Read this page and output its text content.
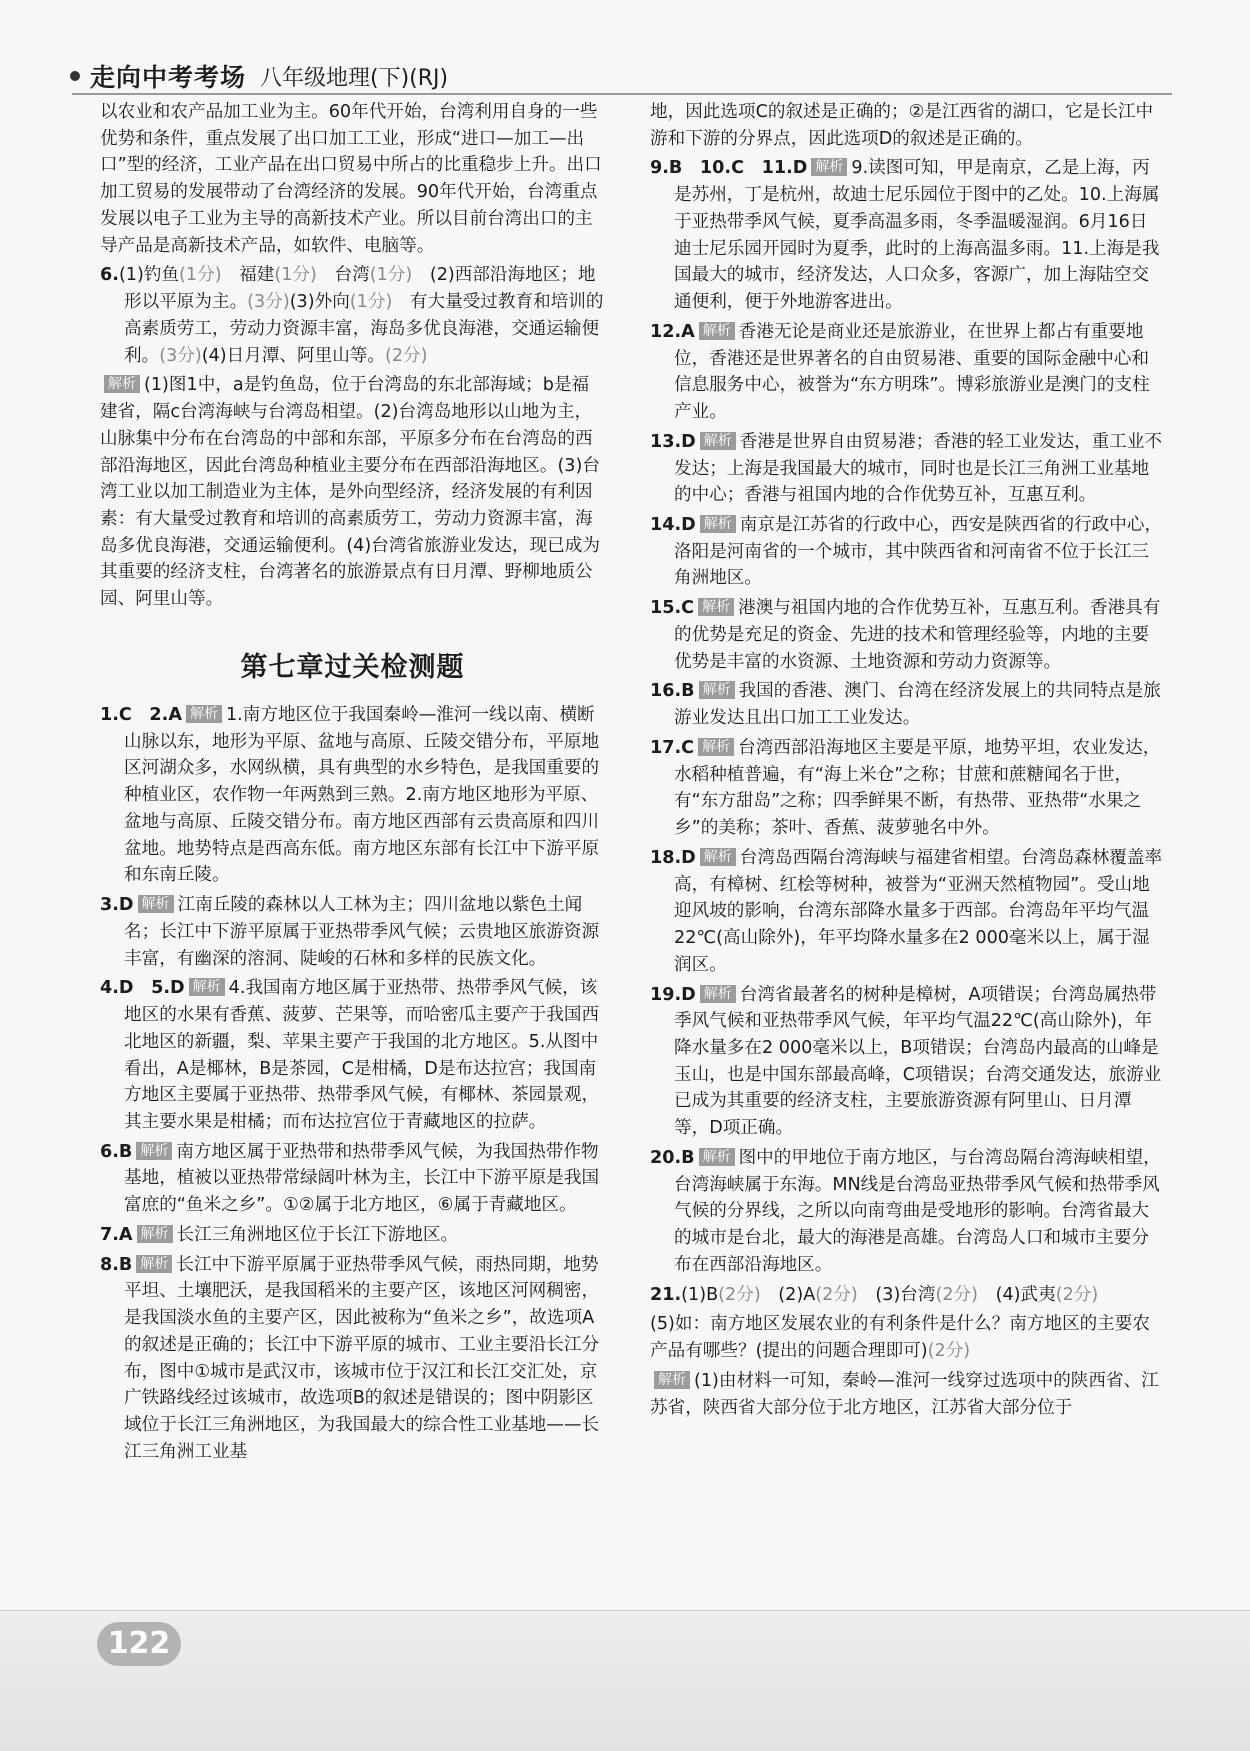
走向中考考场 八年级地理(下)(RJ)

以农业和农产品加工业为主。60年代开始，台湾利用自身的一些优势和条件，重点发展了出口加工工业，形成“进口—加工—出口”型的经济，工业产品在出口贸易中所占的比重稳步上升。出口加工贸易的发展带动了台湾经济的发展。90年代开始，台湾重点发展以电子工业为主导的高新技术产业。所以目前台湾出口的主导产品是高新技术产品，如软件、电脑等。

6.(1)钓鱼(1分)　 福建(1分)　 台湾(1分)　 (2)西部沿海地区；地形以平原为主。(3分)(3)外向(1分)　 有大量受过教育和培训的高素质劳工，劳动力资源丰富，海岛多优良海港，交通运输便利。(3分)(4)日月潭、阿里山等。(2分)

解析 (1)图1中，a是钓鱼岛，位于台湾岛的东北部海域；b是福建省，隔c台湾海峡与台湾岛相望。(2)台湾岛地形以山地为主，山脉集中分布在台湾岛的中部和东部，平原多分布在台湾岛的西部沿海地区，因此台湾岛种植业主要分布在西部沿海地区。(3)台湾工业以加工制造业为主体，是外向型经济，经济发展的有利因素：有大量受过教育和培训的高素质劳工，劳动力资源丰富，海岛多优良海港，交通运输便利。(4)台湾省旅游业发达，现已成为其重要的经济支柱，台湾著名的旅游景点有日月潭、野柳地质公园、阿里山等。

第七章过关检测题

1.C　2.A 解析 1.南方地区位于我国秦岭—淮河一线以南、横断山脉以东，地形为平原、盆地与高原、丘陵交错分布，平原地区河湖众多，水网纵横，具有典型的水乡特色，是我国重要的种植业区，农作物一年两熟到三熟。2.南方地区地形为平原、盆地与高原、丘陵交错分布。南方地区西部有云贵高原和四川盆地。地势特点是西高东低。南方地区东部有长江中下游平原和东南丘陵。

3.D 解析 江南丘陵的森林以人工林为主；四川盆地以紫色土闻名；长江中下游平原属于亚热带季风气候；云贵地区旅游资源丰富，有幽深的溶洞、陡峻的石林和多样的民族文化。

4.D　5.D 解析 4.我国南方地区属于亚热带、热带季风气候，该地区的水果有香蕉、菠萝、芒果等，而哈密瓜主要产于我国西北地区的新疆，梨、苹果主要产于我国的北方地区。5.从图中看出，A是椰林，B是茶园，C是柑橘，D是布达拉宫；我国南方地区主要属于亚热带、热带季风气候，有椰林、茶园景观，其主要水果是柑橘；而布达拉宫位于青藏地区的拉萨。

6.B 解析 南方地区属于亚热带和热带季风气候，为我国热带作物基地，植被以亚热带常绿阔叶林为主，长江中下游平原是我国富庶的“鱼米之乡”。①②属于北方地区，⑥属于青藏地区。

7.A 解析 长江三角洲地区位于长江下游地区。

8.B 解析 长江中下游平原属于亚热带季风气候，雨热同期，地势平坦、土壤肥沃，是我国稻米的主要产区，该地区河网稠密，是我国淡水鱼的主要产区，因此被称为“鱼米之乡”，故选项A的叙述是正确的；长江中下游平原的城市、工业主要沿长江分布，图中①城市是武汉市，该城市位于汉江和长江交汇处，京广铁路线经过该城市，故选项B的叙述是错误的；图中阴影区域位于长江三角洲地区，为我国最大的综合性工业基地——长江三角洲工业基

地，因此选项C的叙述是正确的；②是江西省的湖口，它是长江中游和下游的分界点，因此选项D的叙述是正确的。

9.B　10.C　11.D 解析 9.读图可知，甲是南京，乙是上海，丙是苏州，丁是杭州，故迪士尼乐园位于图中的乙处。10.上海属于亚热带季风气候，夏季高温多雨，冬季温暖湿润。6月16日迪士尼乐园开园时为夏季，此时的上海高温多雨。11.上海是我国最大的城市，经济发达，人口众多，客源广，加上海陆空交通便利，便于外地游客进出。

12.A 解析 香港无论是商业还是旅游业，在世界上都占有重要地位，香港还是世界著名的自由贸易港、重要的国际金融中心和信息服务中心，被誉为“东方明珠”。博彩旅游业是澳门的支柱产业。

13.D 解析 香港是世界自由贸易港；香港的轻工业发达，重工业不发达；上海是我国最大的城市，同时也是长江三角洲工业基地的中心；香港与祖国内地的合作优势互补，互惠互利。

14.D 解析 南京是江苏省的行政中心，西安是陕西省的行政中心，洛阳是河南省的一个城市，其中陕西省和河南省不位于长江三角洲地区。

15.C 解析 港澳与祖国内地的合作优势互补，互惠互利。香港具有的优势是充足的资金、先进的技术和管理经验等，内地的主要优势是丰富的水资源、土地资源和劳动力资源等。

16.B 解析 我国的香港、澳门、台湾在经济发展上的共同特点是旅游业发达且出口加工工业发达。

17.C 解析 台湾西部沿海地区主要是平原，地势平坦，农业发达，水稻种植普遍，有“海上米仓”之称；甘蔗和蔗糖闻名于世，有“东方甜岛”之称；四季鲜果不断，有热带、亚热带“水果之乡”的美称；茶叶、香蕉、菠萝驰名中外。

18.D 解析 台湾岛西隔台湾海峡与福建省相望。台湾岛森林覆盖率高，有樟树、红桧等树种，被誉为“亚洲天然植物园”。受山地迎风坡的影响，台湾东部降水量多于西部。台湾岛年平均气温22℃(高山除外)，年平均降水量多在2 000毫米以上，属于湿润区。

19.D 解析 台湾省最著名的树种是樟树，A项错误；台湾岛属热带季风气候和亚热带季风气候，年平均气温22℃(高山除外)，年降水量多在2 000毫米以上，B项错误；台湾岛内最高的山峰是玉山，也是中国东部最高峰，C项错误；台湾交通发达，旅游业已成为其重要的经济支柱，主要旅游资源有阿里山、日月潭等，D项正确。

20.B 解析 图中的甲地位于南方地区，与台湾岛隔台湾海峡相望，台湾海峡属于东海。MN线是台湾岛亚热带季风气候和热带季风气候的分界线，之所以向南弯曲是受地形的影响。台湾省最大的城市是台北，最大的海港是高雄。台湾岛人口和城市主要分布在西部沿海地区。

21.(1)B(2分)　 (2)A(2分)　 (3)台湾(2分)　 (4)武夷(2分)

(5)如：南方地区发展农业的有利条件是什么？南方地区的主要农产品有哪些？(提出的问题合理即可)(2分)

解析 (1)由材料一可知，秦岭—淮河一线穿过选项中的陕西省、江苏省，陕西省大部分位于北方地区，江苏省大部分位于

122
